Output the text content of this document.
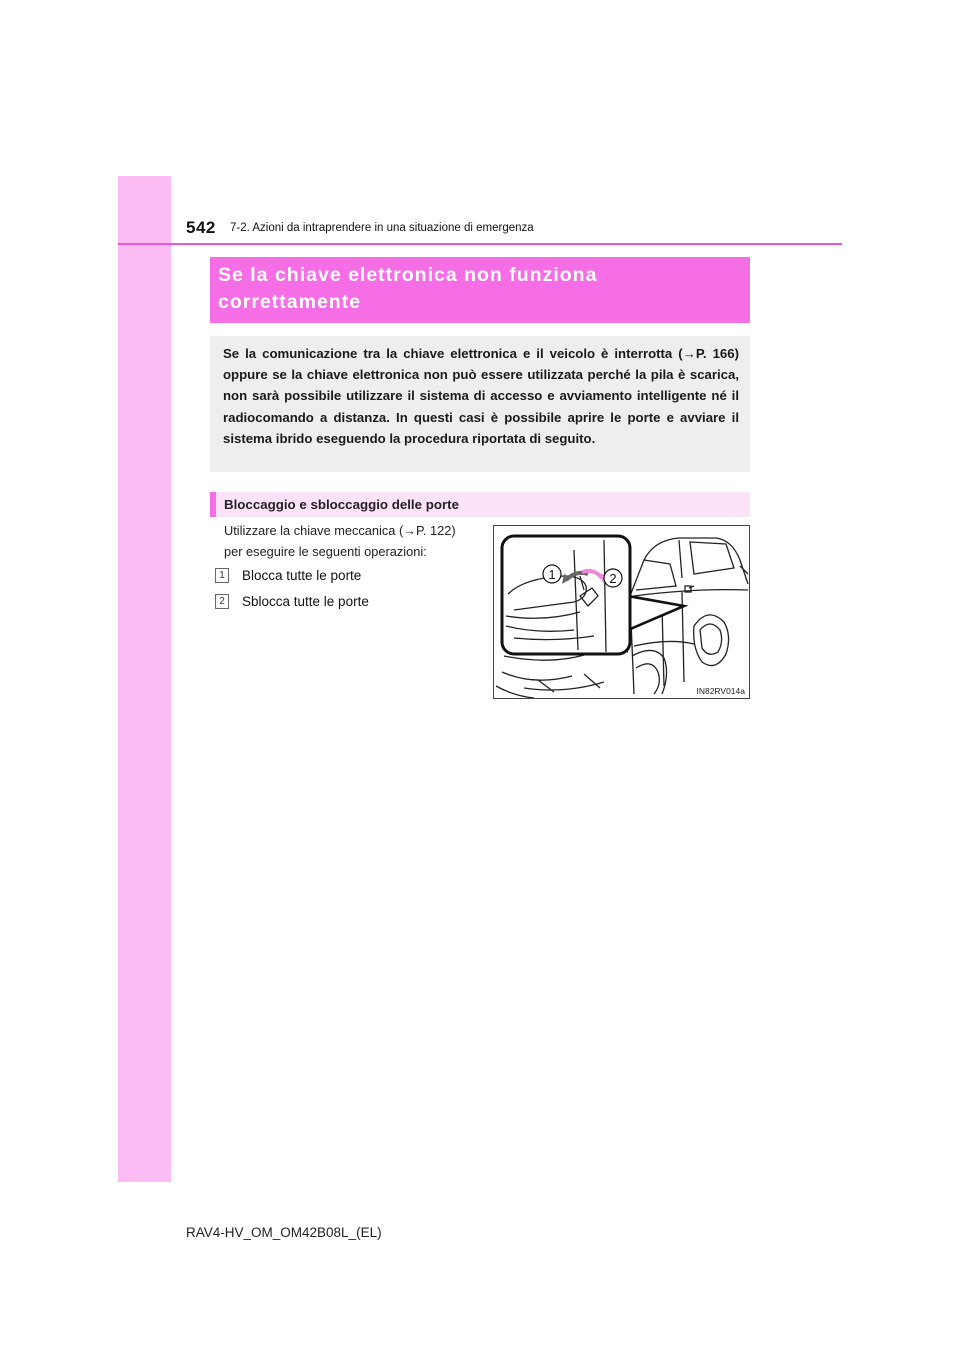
542 7-2. Azioni da intraprendere in una situazione di emergenza
Se la chiave elettronica non funziona
correttamente

Se la comunicazione tra la chiave elettronica e il veicolo è interrotta (→P. 166) oppure se la chiave elettronica non può essere utilizzata perché la pila è scarica, non sarà possibile utilizzare il sistema di accesso e avviamento intelligente né il radiocomando a distanza. In questi casi è possibile aprire le porte e avviare il sistema ibrido eseguendo la procedura riportata di seguito.

Bloccaggio e sbloccaggio delle porte
Utilizzare la chiave meccanica (→P. 122)
per eseguire le seguenti operazioni:
1	Blocca tutte le porte
2	Sblocca tutte le porte
1	2
IN82RV014a
RAV4-HV_OM_OM42B08L_(EL)
